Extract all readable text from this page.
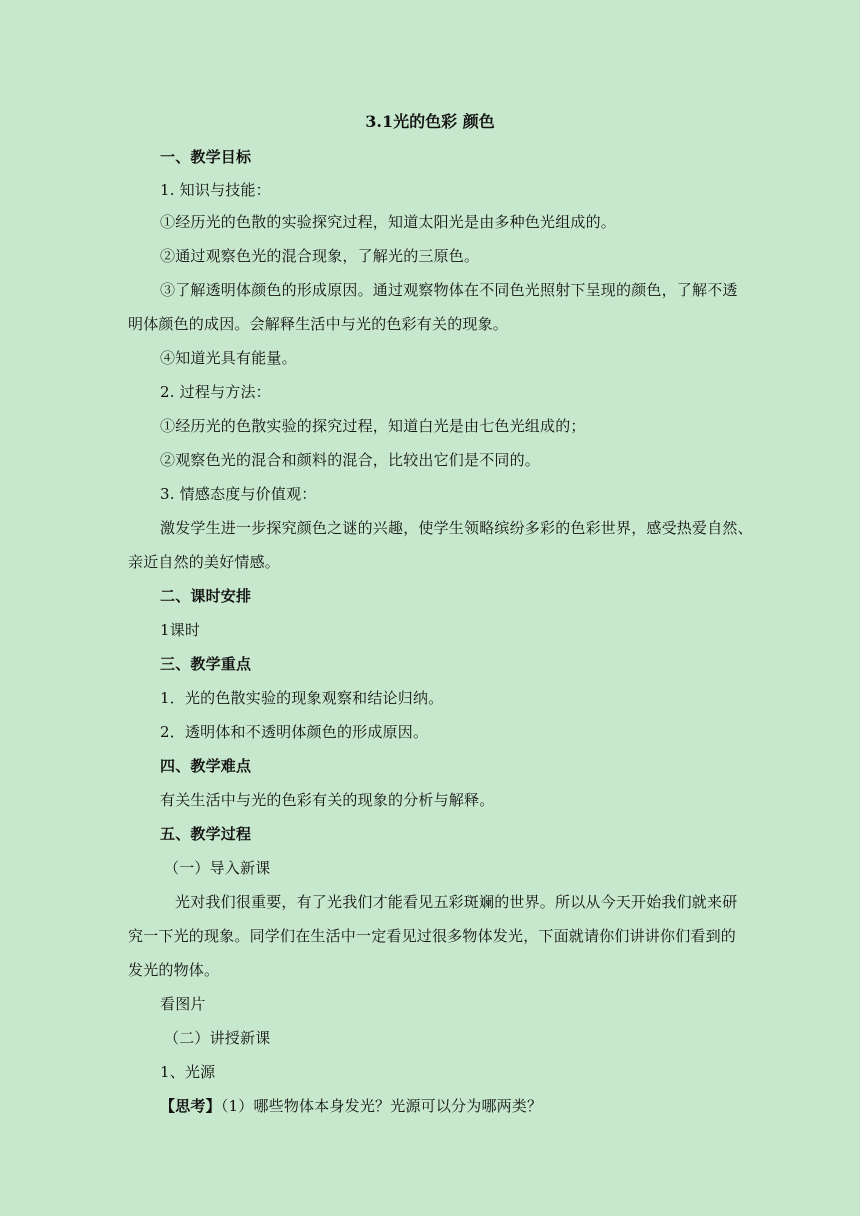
3.1光的色彩 颜色
一、教学目标
1. 知识与技能：
①经历光的色散的实验探究过程，知道太阳光是由多种色光组成的。
②通过观察色光的混合现象，了解光的三原色。
③了解透明体颜色的形成原因。通过观察物体在不同色光照射下呈现的颜色，了解不透
明体颜色的成因。会解释生活中与光的色彩有关的现象。
④知道光具有能量。
2. 过程与方法：
①经历光的色散实验的探究过程，知道白光是由七色光组成的；
②观察色光的混合和颜料的混合，比较出它们是不同的。
3. 情感态度与价值观：
激发学生进一步探究颜色之谜的兴趣，使学生领略缤纷多彩的色彩世界，感受热爱自然、
亲近自然的美好情感。
二、课时安排
1课时
三、教学重点
1．光的色散实验的现象观察和结论归纳。
2．透明体和不透明体颜色的形成原因。
四、教学难点
有关生活中与光的色彩有关的现象的分析与解释。
五、教学过程
（一）导入新课
光对我们很重要，有了光我们才能看见五彩斑斓的世界。所以从今天开始我们就来研
究一下光的现象。同学们在生活中一定看见过很多物体发光，下面就请你们讲讲你们看到的
发光的物体。
看图片
（二）讲授新课
1、光源
【思考】（1）哪些物体本身发光？光源可以分为哪两类？
